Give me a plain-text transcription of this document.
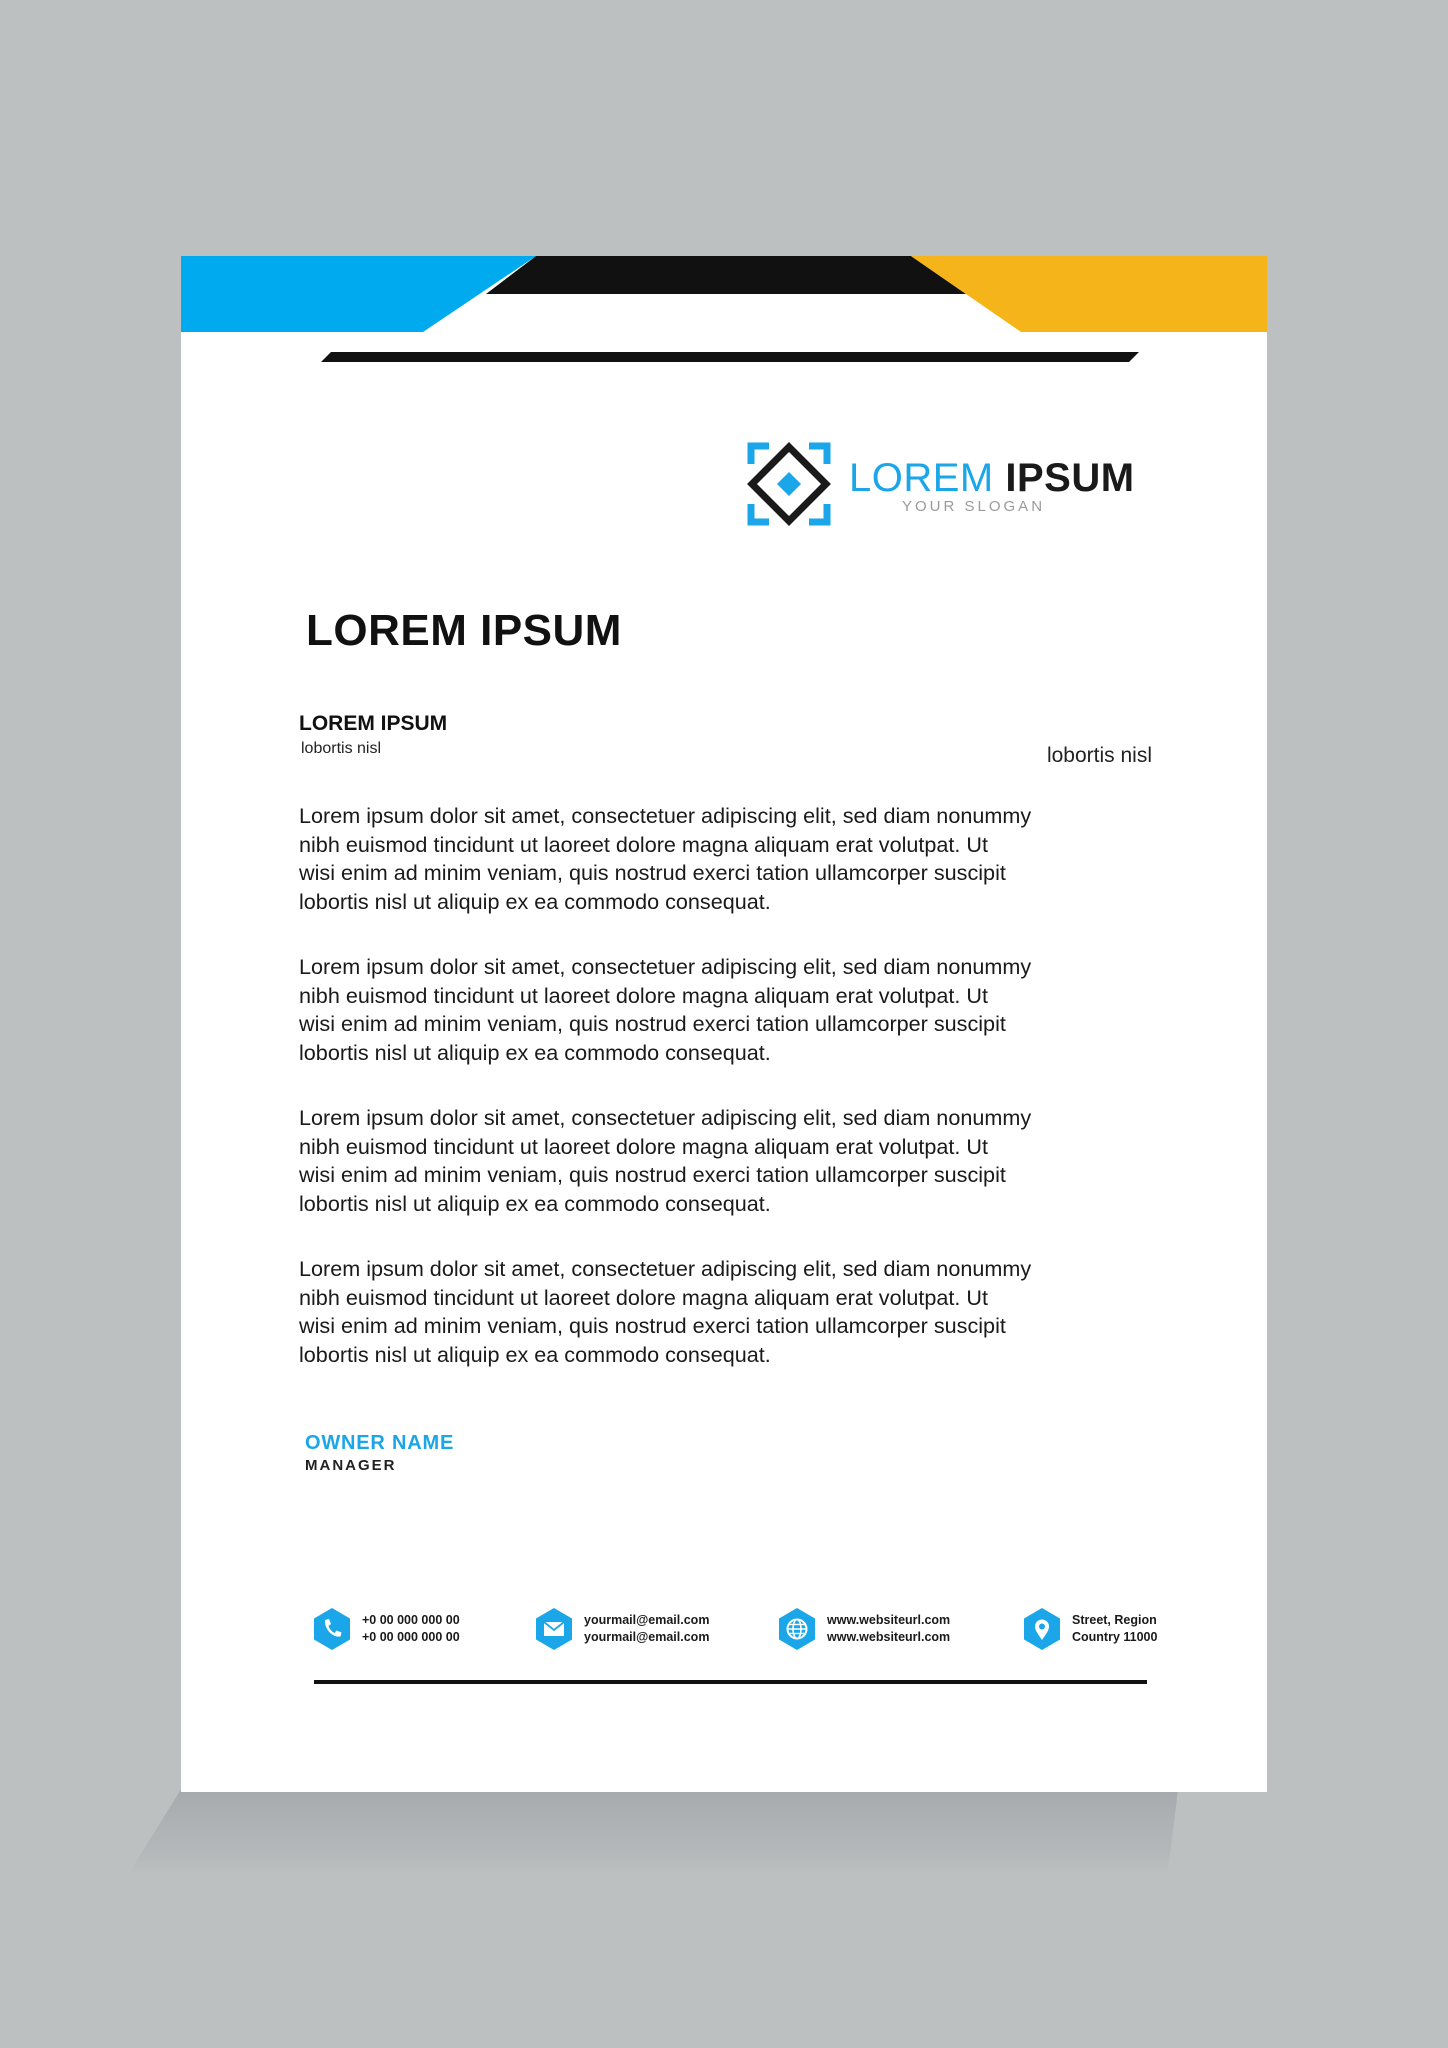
LOREM IPSUM
YOUR SLOGAN
LOREM IPSUM
LOREM IPSUM
lobortis nisl	lobortis nisl

Lorem ipsum dolor sit amet, consectetuer adipiscing elit, sed diam nonummy
nibh euismod tincidunt ut laoreet dolore magna aliquam erat volutpat. Ut
wisi enim ad minim veniam, quis nostrud exerci tation ullamcorper suscipit
lobortis nisl ut aliquip ex ea commodo consequat.

Lorem ipsum dolor sit amet, consectetuer adipiscing elit, sed diam nonummy
nibh euismod tincidunt ut laoreet dolore magna aliquam erat volutpat. Ut
wisi enim ad minim veniam, quis nostrud exerci tation ullamcorper suscipit
lobortis nisl ut aliquip ex ea commodo consequat.

Lorem ipsum dolor sit amet, consectetuer adipiscing elit, sed diam nonummy
nibh euismod tincidunt ut laoreet dolore magna aliquam erat volutpat. Ut
wisi enim ad minim veniam, quis nostrud exerci tation ullamcorper suscipit
lobortis nisl ut aliquip ex ea commodo consequat.

Lorem ipsum dolor sit amet, consectetuer adipiscing elit, sed diam nonummy
nibh euismod tincidunt ut laoreet dolore magna aliquam erat volutpat. Ut
wisi enim ad minim veniam, quis nostrud exerci tation ullamcorper suscipit
lobortis nisl ut aliquip ex ea commodo consequat.

OWNER NAME
MANAGER
+0 00 000 000 00
+0 00 000 000 00
yourmail@email.com
yourmail@email.com
www.websiteurl.com
www.websiteurl.com
Street, Region
Country 11000
